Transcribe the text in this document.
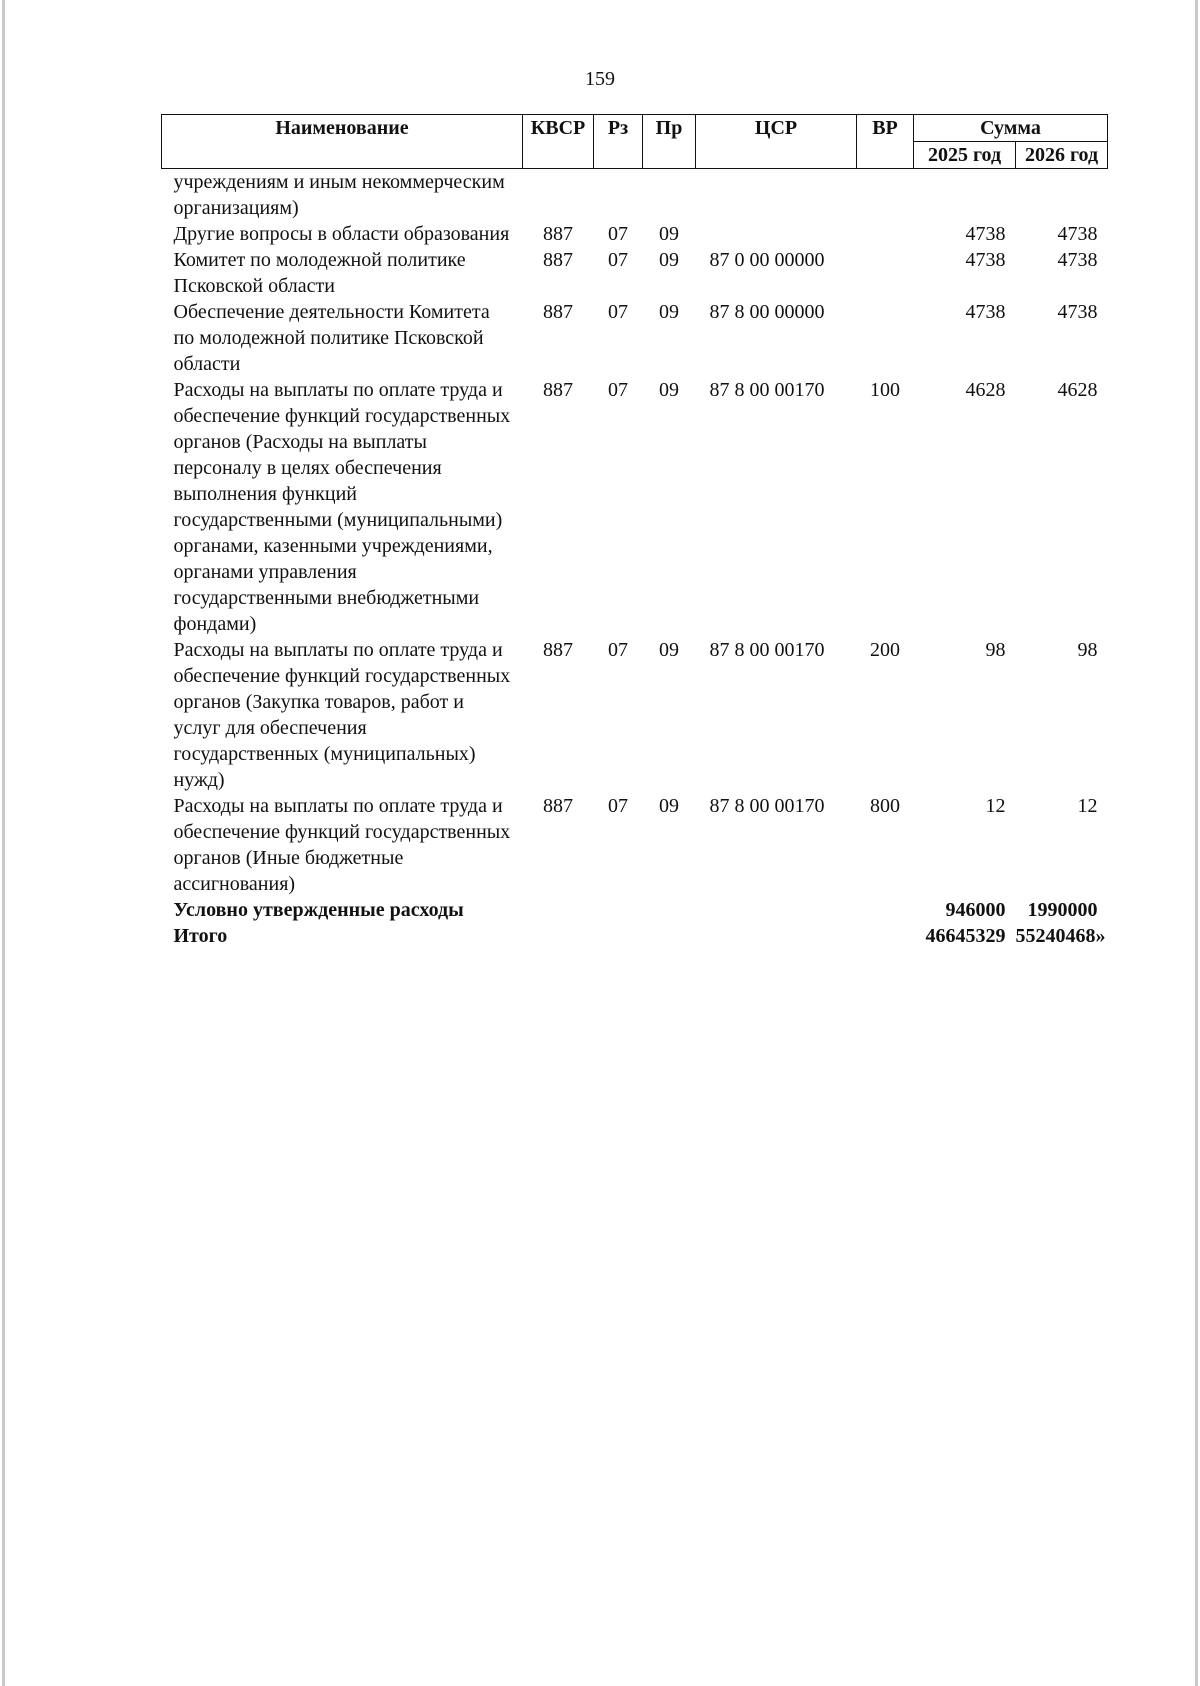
159
Наименование	КВСР	Рз	Пр	ЦСР	ВР	Сумма	
						2025 год	2026 год
учреждениям и иным некоммерческим организациям)							
Другие вопросы в области образования	887	07	09			4738	4738
Комитет по молодежной политике Псковской области	887	07	09	87 0 00 00000		4738	4738
Обеспечение деятельности Комитета по молодежной политике Псковской области	887	07	09	87 8 00 00000		4738	4738
Расходы на выплаты по оплате труда и обеспечение функций государственных органов (Расходы на выплаты персоналу в целях обеспечения выполнения функций государственными (муниципальными) органами, казенными учреждениями, органами управления государственными внебюджетными фондами)	887	07	09	87 8 00 00170	100	4628	4628
Расходы на выплаты по оплате труда и обеспечение функций государственных органов (Закупка товаров, работ и услуг для обеспечения государственных (муниципальных) нужд)	887	07	09	87 8 00 00170	200	98	98
Расходы на выплаты по оплате труда и обеспечение функций государственных органов (Иные бюджетные ассигнования)	887	07	09	87 8 00 00170	800	12	12
Условно утвержденные расходы						946000	1990000
Итого						46645329	55240468»
